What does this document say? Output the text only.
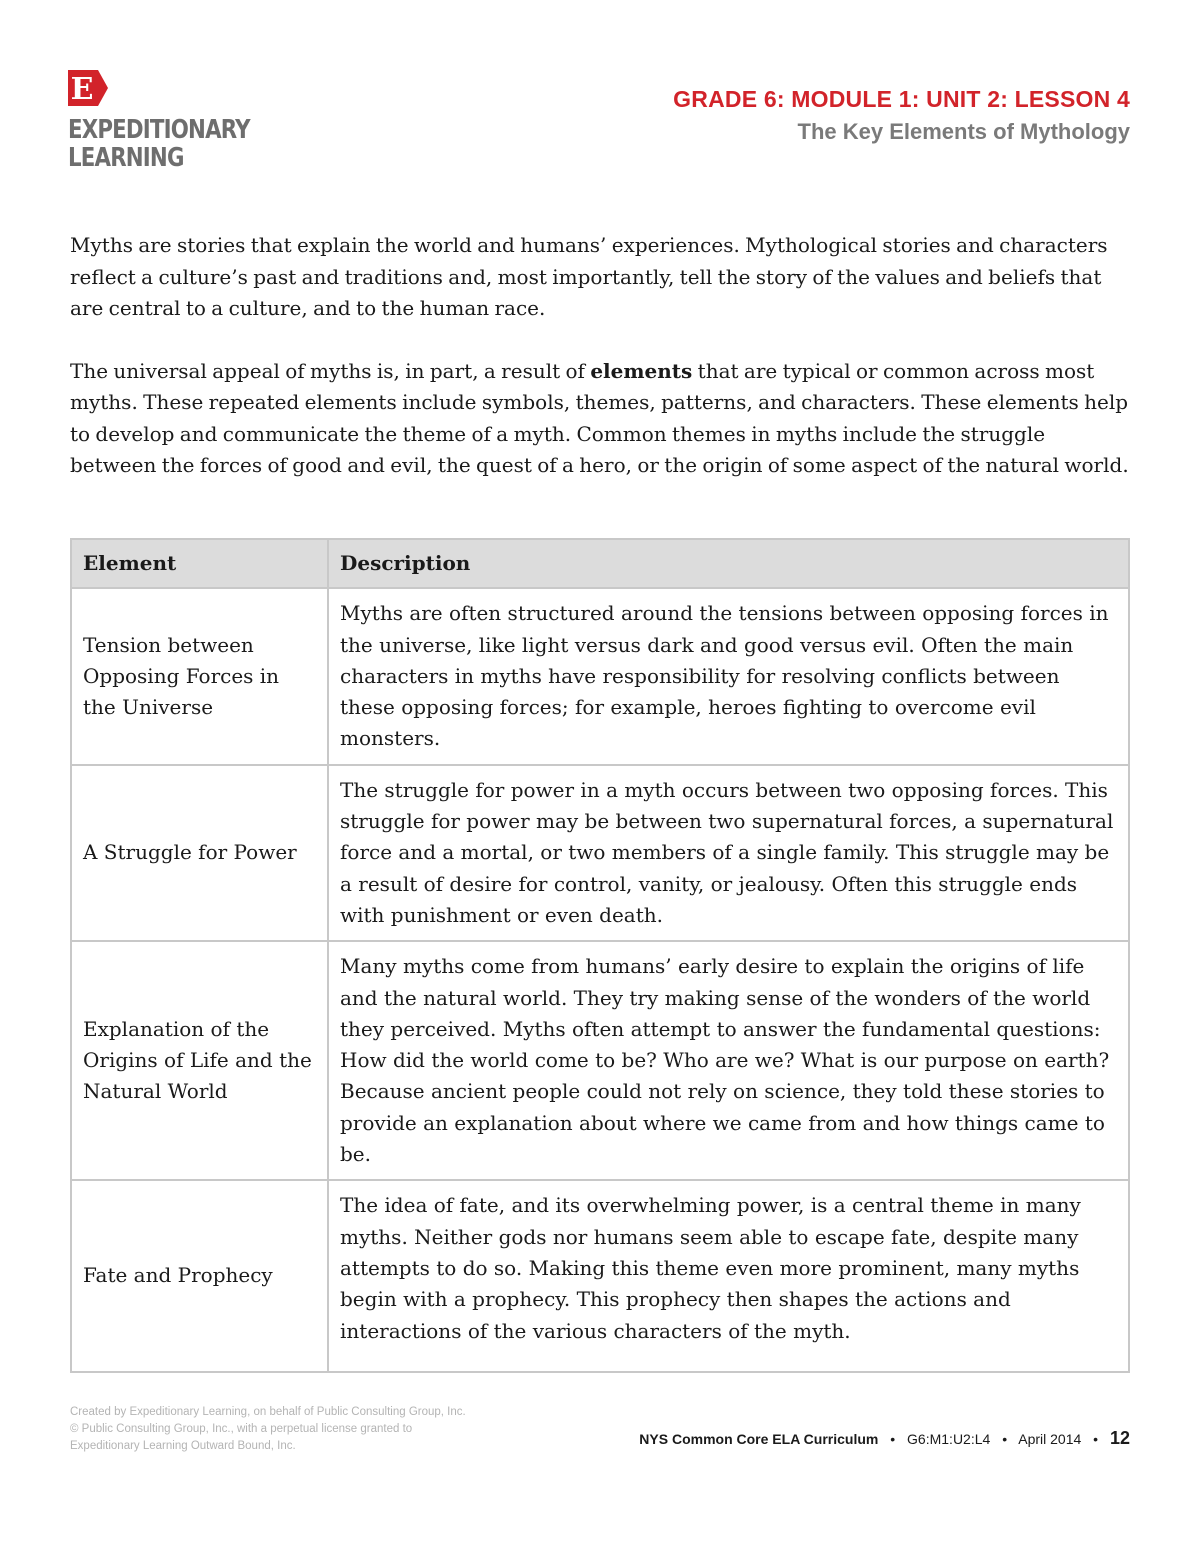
E
EXPEDITIONARY
LEARNING
GRADE 6: MODULE 1: UNIT 2: LESSON 4
The Key Elements of Mythology

Myths are stories that explain the world and humans’ experiences. Mythological stories and characters reflect a culture’s past and traditions and, most importantly, tell the story of the values and beliefs that are central to a culture, and to the human race.

The universal appeal of myths is, in part, a result of elements that are typical or common across most myths. These repeated elements include symbols, themes, patterns, and characters. These elements help to develop and communicate the theme of a myth. Common themes in myths include the struggle between the forces of good and evil, the quest of a hero, or the origin of some aspect of the natural world.

Element	Description
Tension between Opposing Forces in the Universe	Myths are often structured around the tensions between opposing forces in the universe, like light versus dark and good versus evil. Often the main characters in myths have responsibility for resolving conflicts between these opposing forces; for example, heroes fighting to overcome evil monsters.
A Struggle for Power	The struggle for power in a myth occurs between two opposing forces. This struggle for power may be between two supernatural forces, a supernatural force and a mortal, or two members of a single family. This struggle may be a result of desire for control, vanity, or jealousy. Often this struggle ends with punishment or even death.
Explanation of the Origins of Life and the Natural World	Many myths come from humans’ early desire to explain the origins of life and the natural world. They try making sense of the wonders of the world they perceived. Myths often attempt to answer the fundamental questions: How did the world come to be? Who are we? What is our purpose on earth? Because ancient people could not rely on science, they told these stories to provide an explanation about where we came from and how things came to be.
Fate and Prophecy	The idea of fate, and its overwhelming power, is a central theme in many myths. Neither gods nor humans seem able to escape fate, despite many attempts to do so. Making this theme even more prominent, many myths begin with a prophecy. This prophecy then shapes the actions and interactions of the various characters of the myth.
Created by Expeditionary Learning, on behalf of Public Consulting Group, Inc.
© Public Consulting Group, Inc., with a perpetual license granted to
Expeditionary Learning Outward Bound, Inc.	NYS Common Core ELA Curriculum • G6:M1:U2:L4 • April 2014 • 12
